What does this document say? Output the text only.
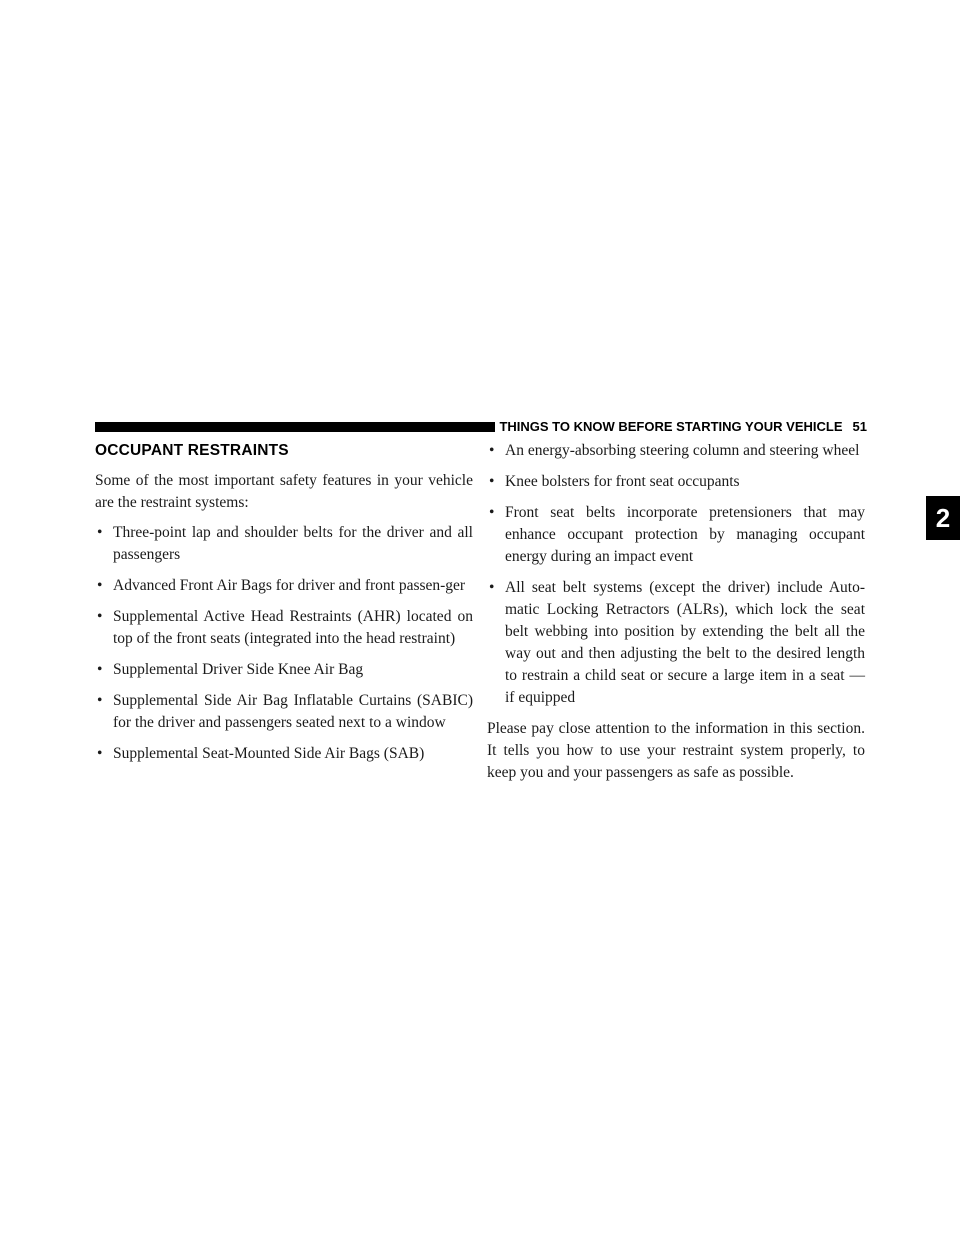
THINGS TO KNOW BEFORE STARTING YOUR VEHICLE 51
2
OCCUPANT RESTRAINTS

Some of the most important safety features in your vehicle are the restraint systems:

• Three-point lap and shoulder belts for the driver and all passengers
• Advanced Front Air Bags for driver and front passen-ger
• Supplemental Active Head Restraints (AHR) located on top of the front seats (integrated into the head restraint)
• Supplemental Driver Side Knee Air Bag
• Supplemental Side Air Bag Inflatable Curtains (SABIC) for the driver and passengers seated next to a window
• Supplemental Seat-Mounted Side Air Bags (SAB)
• An energy-absorbing steering column and steering wheel
• Knee bolsters for front seat occupants
• Front seat belts incorporate pretensioners that may enhance occupant protection by managing occupant energy during an impact event
• All seat belt systems (except the driver) include Auto-matic Locking Retractors (ALRs), which lock the seat belt webbing into position by extending the belt all the way out and then adjusting the belt to the desired length to restrain a child seat or secure a large item in a seat — if equipped

Please pay close attention to the information in this section. It tells you how to use your restraint system properly, to keep you and your passengers as safe as possible.
